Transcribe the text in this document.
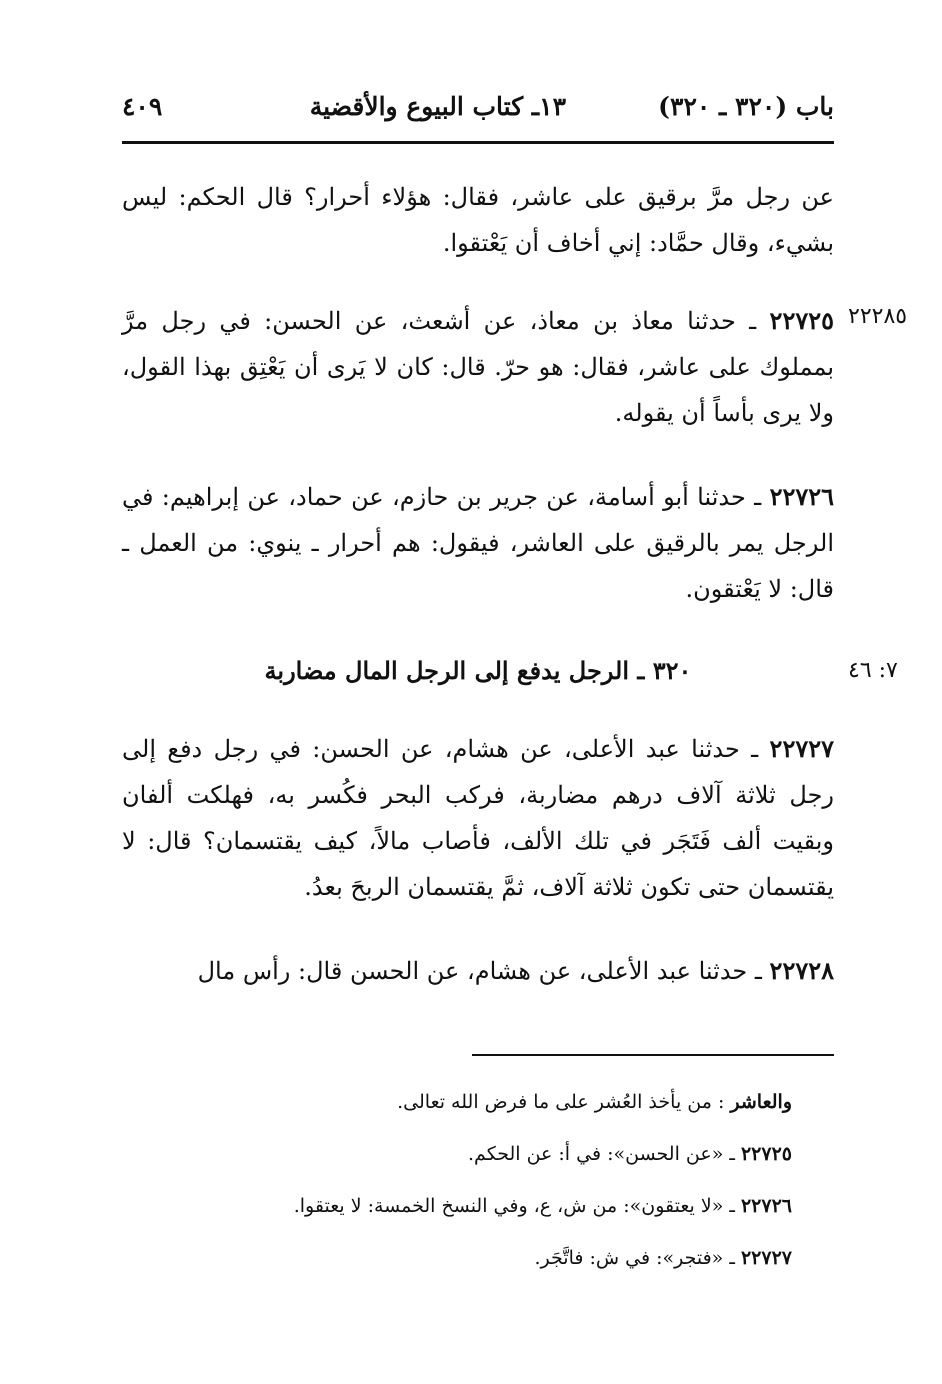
باب (٣٢٠ ـ ٣٢٠)
١٣ـ كتاب البيوع والأقضية
٤٠٩
عن رجل مرَّ برقيق على عاشر، فقال: هؤلاء أحرار؟ قال الحكم: ليس بشيء، وقال حمَّاد: إني أخاف أن يَعْتقوا.
٢٢٢٨٥
٢٢٧٢٥ ـ حدثنا معاذ بن معاذ، عن أشعث، عن الحسن: في رجل مرَّ بمملوك على عاشر، فقال: هو حرّ. قال: كان لا يَرى أن يَعْتِق بهذا القول، ولا يرى بأساً أن يقوله.
٢٢٧٢٦ ـ حدثنا أبو أسامة، عن جرير بن حازم، عن حماد، عن إبراهيم: في الرجل يمر بالرقيق على العاشر، فيقول: هم أحرار ـ ينوي: من العمل ـ قال: لا يَعْتقون.
٧: ٤٦
٣٢٠ ـ الرجل يدفع إلى الرجل المال مضاربة
٢٢٧٢٧ ـ حدثنا عبد الأعلى، عن هشام، عن الحسن: في رجل دفع إلى رجل ثلاثة آلاف درهم مضاربة، فركب البحر فكُسر به، فهلكت ألفان وبقيت ألف فَتَجَر في تلك الألف، فأصاب مالاً، كيف يقتسمان؟ قال: لا يقتسمان حتى تكون ثلاثة آلاف، ثمَّ يقتسمان الربحَ بعدُ.
٢٢٧٢٨ ـ حدثنا عبد الأعلى، عن هشام، عن الحسن قال: رأس مال
والعاشر : من يأخذ العُشر على ما فرض الله تعالى.
٢٢٧٢٥ ـ «عن الحسن»: في أ: عن الحكم.
٢٢٧٢٦ ـ «لا يعتقون»: من ش، ع، وفي النسخ الخمسة: لا يعتقوا.
٢٢٧٢٧ ـ «فتجر»: في ش: فاتَّجَر.
